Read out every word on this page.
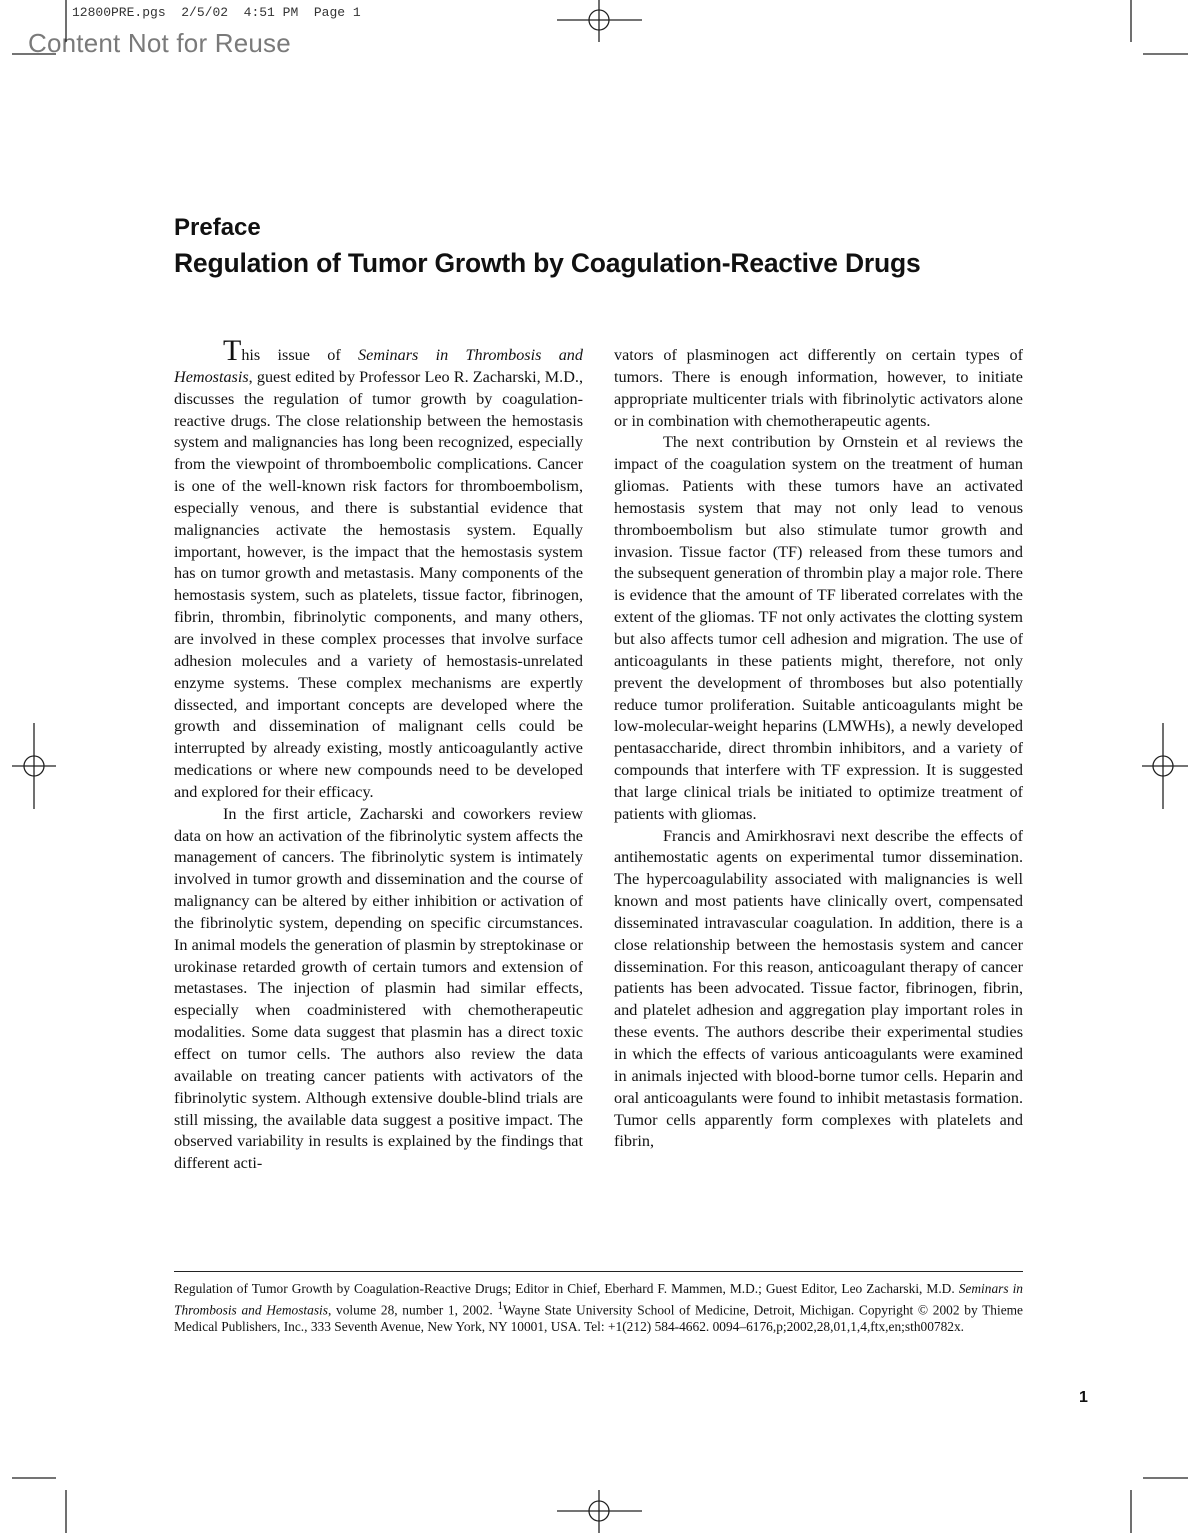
12800PRE.pgs 2/5/02 4:51 PM Page 1
Content Not for Reuse
Preface
Regulation of Tumor Growth by Coagulation-Reactive Drugs

This issue of Seminars in Thrombosis and Hemostasis, guest edited by Professor Leo R. Zacharski, M.D., discusses the regulation of tumor growth by coagulation-reactive drugs. The close relationship between the hemostasis system and malignancies has long been recognized, especially from the viewpoint of thromboembolic complications. Cancer is one of the well-known risk factors for thromboembolism, especially venous, and there is substantial evidence that malignancies activate the hemostasis system. Equally important, however, is the impact that the hemostasis system has on tumor growth and metastasis. Many components of the hemostasis system, such as platelets, tissue factor, fibrinogen, fibrin, thrombin, fibrinolytic components, and many others, are involved in these complex processes that involve surface adhesion molecules and a variety of hemostasis-unrelated enzyme systems. These complex mechanisms are expertly dissected, and important concepts are developed where the growth and dissemination of malignant cells could be interrupted by already existing, mostly anticoagulantly active medications or where new compounds need to be developed and explored for their efficacy.

In the first article, Zacharski and coworkers review data on how an activation of the fibrinolytic system affects the management of cancers. The fibrinolytic system is intimately involved in tumor growth and dissemination and the course of malignancy can be altered by either inhibition or activation of the fibrinolytic system, depending on specific circumstances. In animal models the generation of plasmin by streptokinase or urokinase retarded growth of certain tumors and extension of metastases. The injection of plasmin had similar effects, especially when coadministered with chemotherapeutic modalities. Some data suggest that plasmin has a direct toxic effect on tumor cells. The authors also review the data available on treating cancer patients with activators of the fibrinolytic system. Although extensive double-blind trials are still missing, the available data suggest a positive impact. The observed variability in results is explained by the findings that different acti-

vators of plasminogen act differently on certain types of tumors. There is enough information, however, to initiate appropriate multicenter trials with fibrinolytic activators alone or in combination with chemotherapeutic agents.

The next contribution by Ornstein et al reviews the impact of the coagulation system on the treatment of human gliomas. Patients with these tumors have an activated hemostasis system that may not only lead to venous thromboembolism but also stimulate tumor growth and invasion. Tissue factor (TF) released from these tumors and the subsequent generation of thrombin play a major role. There is evidence that the amount of TF liberated correlates with the extent of the gliomas. TF not only activates the clotting system but also affects tumor cell adhesion and migration. The use of anticoagulants in these patients might, therefore, not only prevent the development of thromboses but also potentially reduce tumor proliferation. Suitable anticoagulants might be low-molecular-weight heparins (LMWHs), a newly developed pentasaccharide, direct thrombin inhibitors, and a variety of compounds that interfere with TF expression. It is suggested that large clinical trials be initiated to optimize treatment of patients with gliomas.

Francis and Amirkhosravi next describe the effects of antihemostatic agents on experimental tumor dissemination. The hypercoagulability associated with malignancies is well known and most patients have clinically overt, compensated disseminated intravascular coagulation. In addition, there is a close relationship between the hemostasis system and cancer dissemination. For this reason, anticoagulant therapy of cancer patients has been advocated. Tissue factor, fibrinogen, fibrin, and platelet adhesion and aggregation play important roles in these events. The authors describe their experimental studies in which the effects of various anticoagulants were examined in animals injected with blood-borne tumor cells. Heparin and oral anticoagulants were found to inhibit metastasis formation. Tumor cells apparently form complexes with platelets and fibrin,

Regulation of Tumor Growth by Coagulation-Reactive Drugs; Editor in Chief, Eberhard F. Mammen, M.D.; Guest Editor, Leo Zacharski, M.D. Seminars in Thrombosis and Hemostasis, volume 28, number 1, 2002. $^1$Wayne State University School of Medicine, Detroit, Michigan. Copyright © 2002 by Thieme Medical Publishers, Inc., 333 Seventh Avenue, New York, NY 10001, USA. Tel: +1(212) 584-4662. 0094–6176,p;2002,28,01,1,4,ftx,en;sth00782x.

1
